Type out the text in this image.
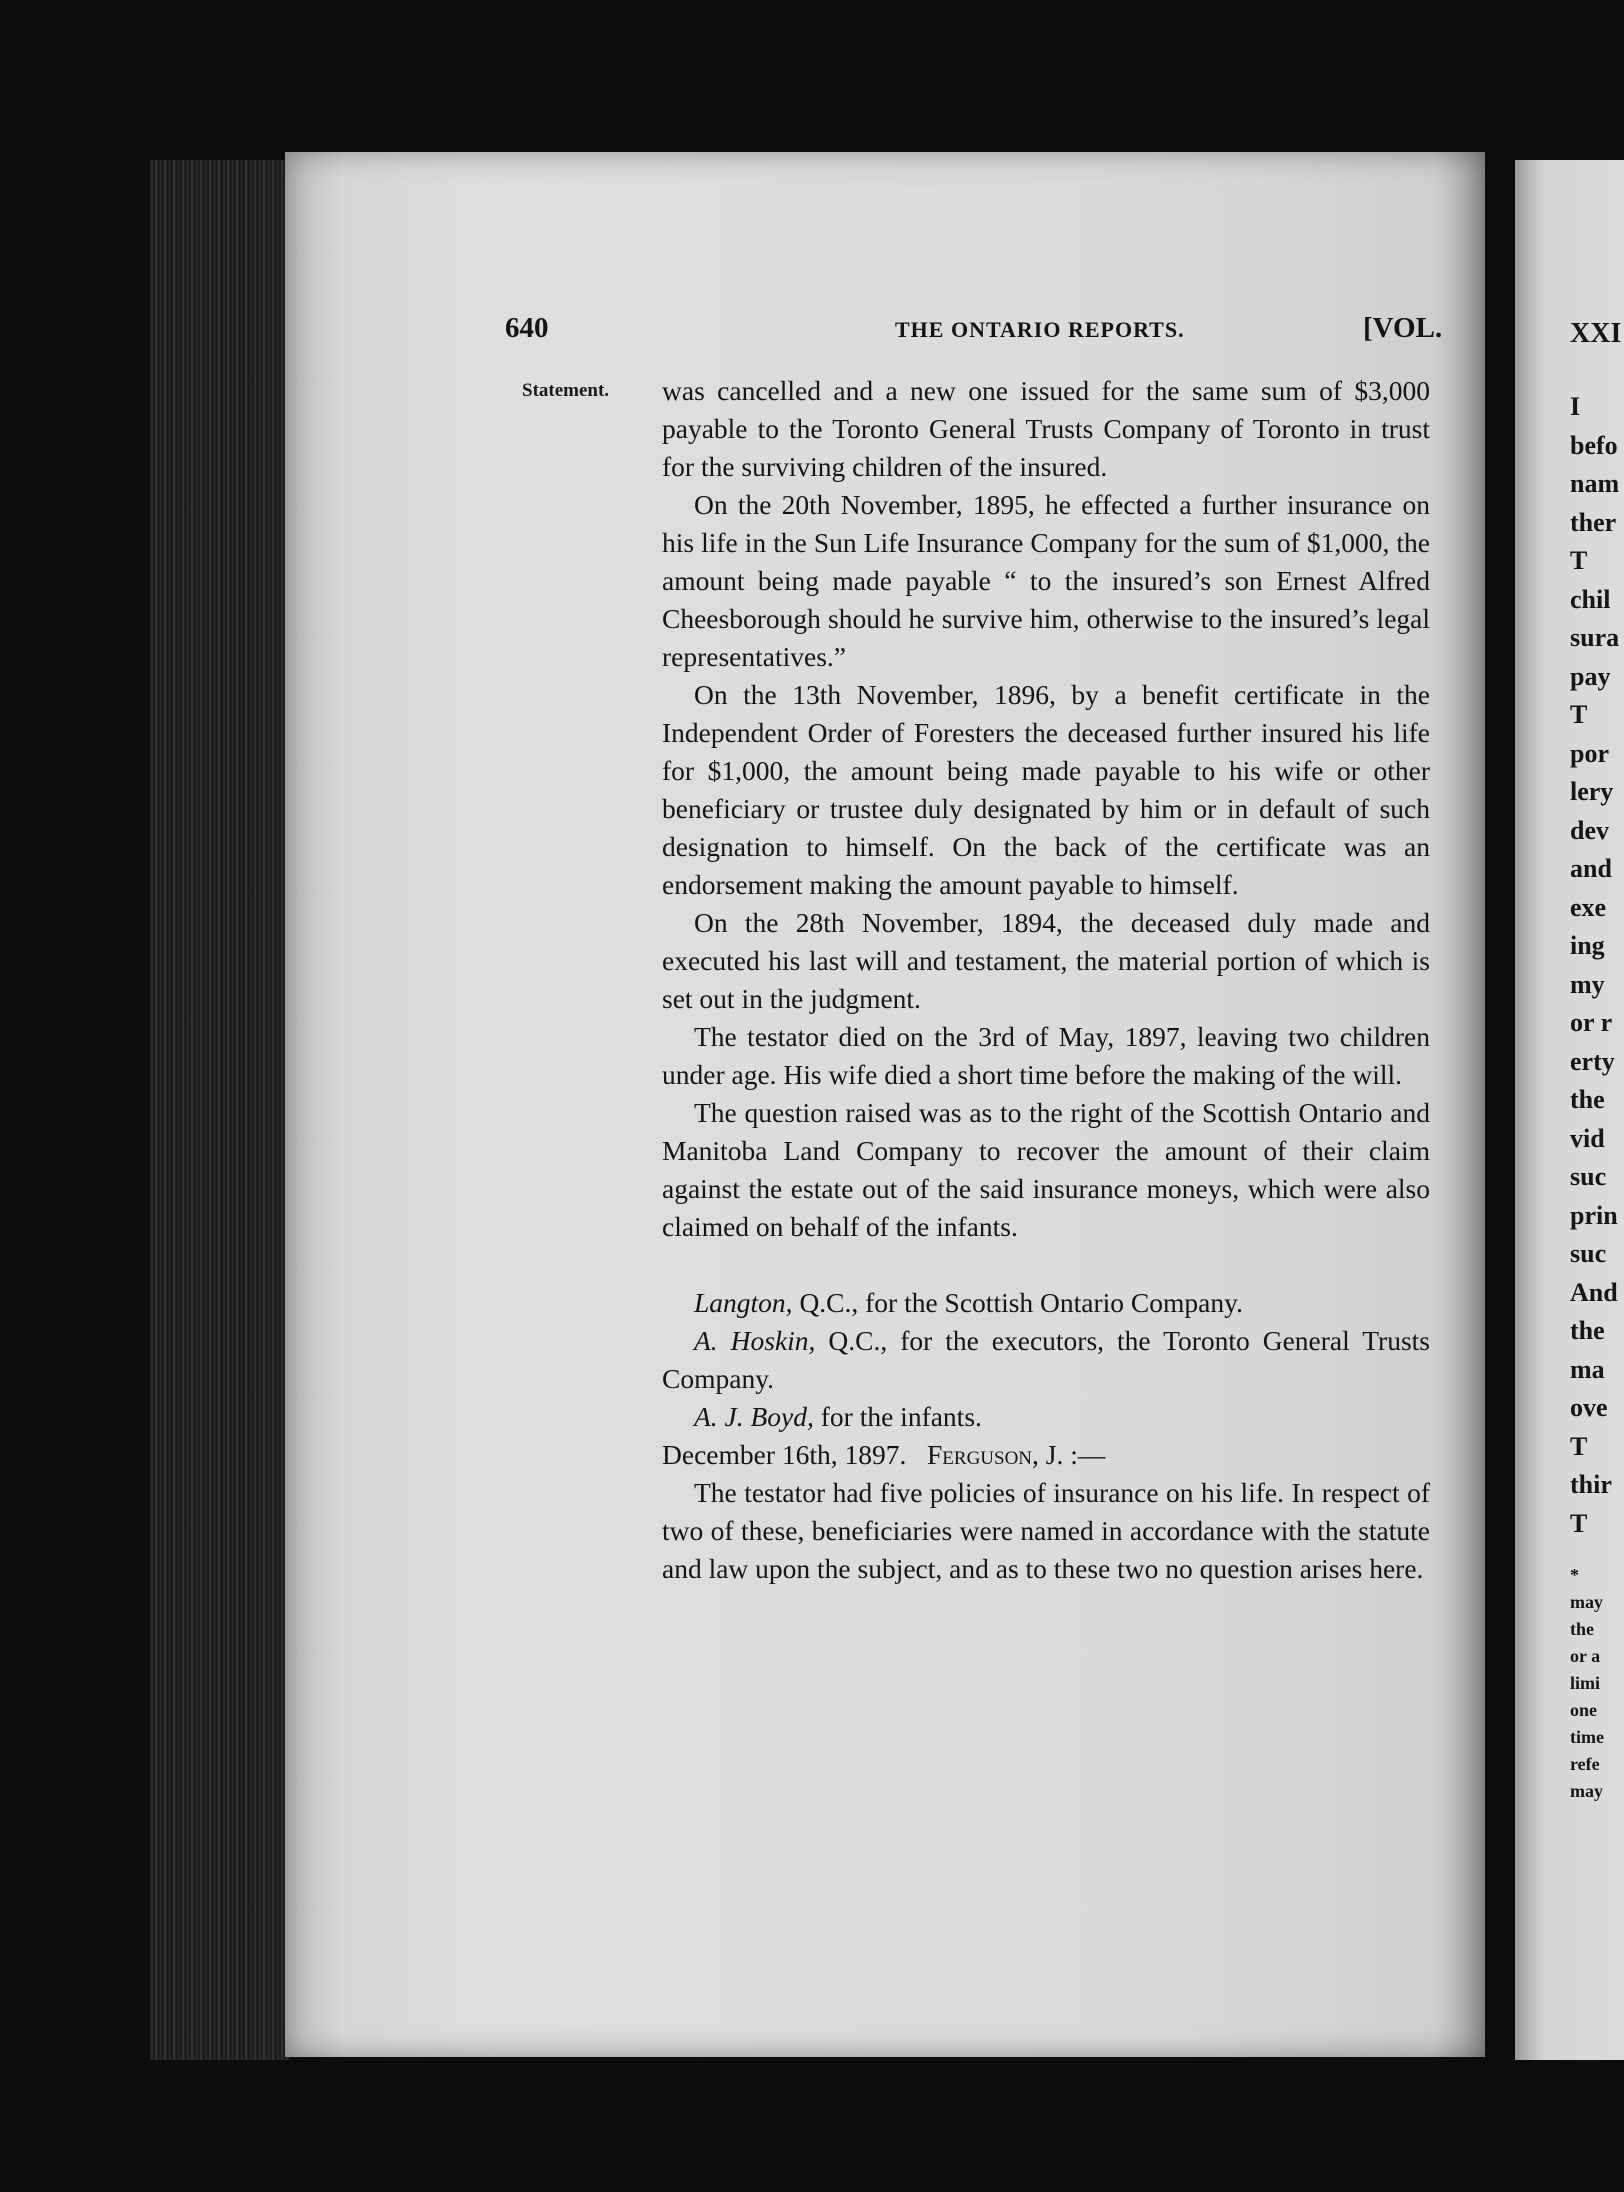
640	THE ONTARIO REPORTS.	[VOL.
Statement. was cancelled and a new one issued for the same sum of $3,000 payable to the Toronto General Trusts Company of Toronto in trust for the surviving children of the insured.

On the 20th November, 1895, he effected a further insurance on his life in the Sun Life Insurance Company for the sum of $1,000, the amount being made payable “ to the insured’s son Ernest Alfred Cheesborough should he survive him, otherwise to the insured’s legal representatives.”

On the 13th November, 1896, by a benefit certificate in the Independent Order of Foresters the deceased further insured his life for $1,000, the amount being made payable to his wife or other beneficiary or trustee duly designated by him or in default of such designation to himself. On the back of the certificate was an endorsement making the amount payable to himself.

On the 28th November, 1894, the deceased duly made and executed his last will and testament, the material portion of which is set out in the judgment.

The testator died on the 3rd of May, 1897, leaving two children under age. His wife died a short time before the making of the will.

The question raised was as to the right of the Scottish Ontario and Manitoba Land Company to recover the amount of their claim against the estate out of the said insurance moneys, which were also claimed on behalf of the infants.

Langton, Q.C., for the Scottish Ontario Company.

A. Hoskin, Q.C., for the executors, the Toronto General Trusts Company.

A. J. Boyd, for the infants.

December 16th, 1897. Ferguson, J. :—

The testator had five policies of insurance on his life. In respect of two of these, beneficiaries were named in accordance with the statute and law upon the subject, and as to these two no question arises here.

XXI
I
befo
nam
ther
T
chil
sura
pay
T
por
lery
dev
and
exe
ing
my
or r
erty
the
vid
suc
prin
suc
And
the
ma
ove
T
thir
T
*
may
the
or a
limi
one
time
refe
may
